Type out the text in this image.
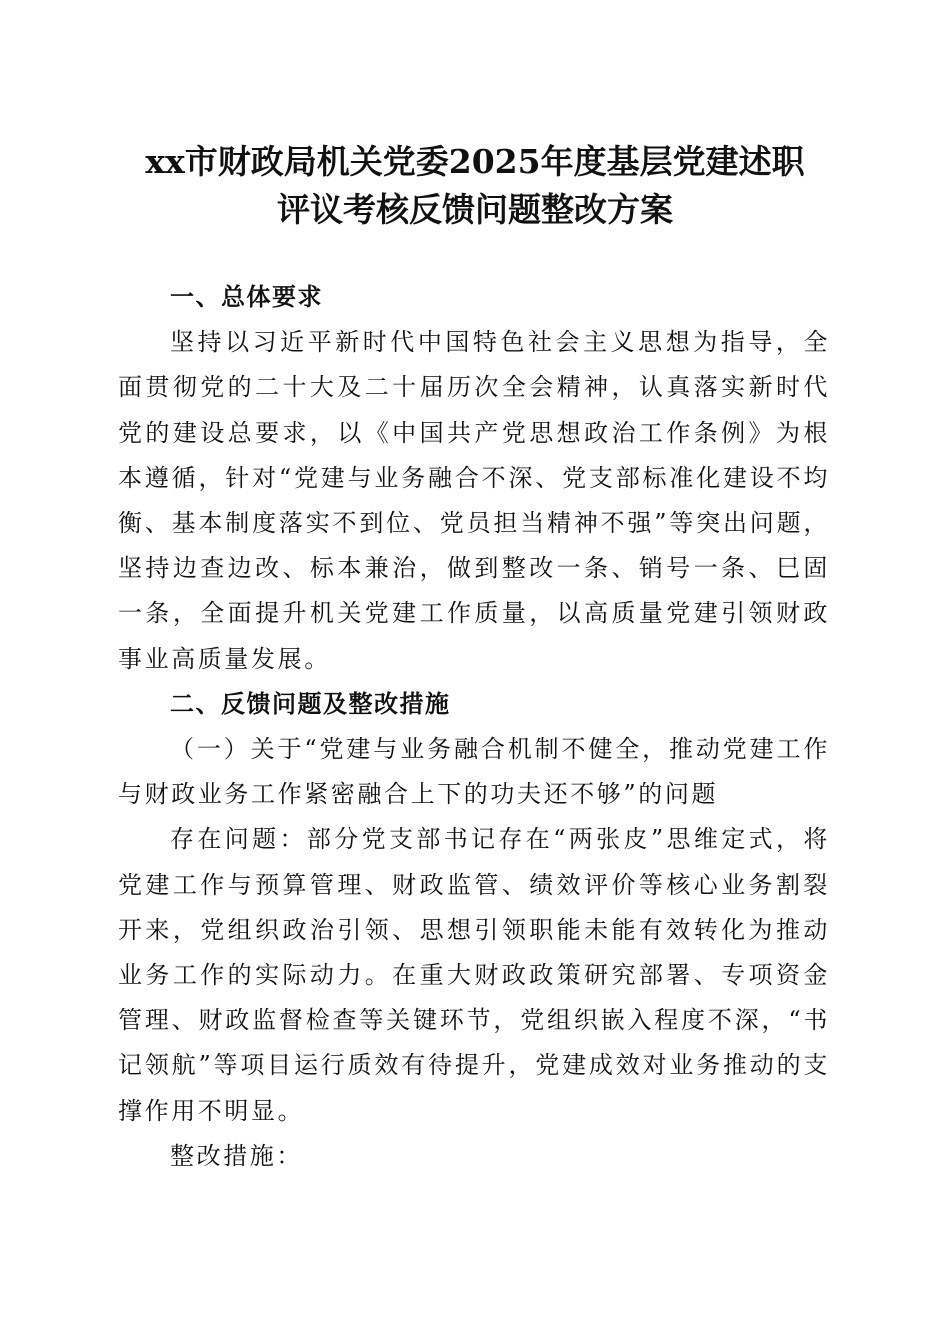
xx市财政局机关党委2025年度基层党建述职
评议考核反馈问题整改方案

一、总体要求

坚持以习近平新时代中国特色社会主义思想为指导，全面贯彻党的二十大及二十届历次全会精神，认真落实新时代党的建设总要求，以《中国共产党思想政治工作条例》为根本遵循，针对“党建与业务融合不深、党支部标准化建设不均衡、基本制度落实不到位、党员担当精神不强”等突出问题，坚持边查边改、标本兼治，做到整改一条、销号一条、巳固一条，全面提升机关党建工作质量，以高质量党建引领财政事业高质量发展。

二、反馈问题及整改措施

（一）关于“党建与业务融合机制不健全，推动党建工作与财政业务工作紧密融合上下的功夫还不够”的问题

存在问题：部分党支部书记存在“两张皮”思维定式，将党建工作与预算管理、财政监管、绩效评价等核心业务割裂开来，党组织政治引领、思想引领职能未能有效转化为推动业务工作的实际动力。在重大财政政策研究部署、专项资金管理、财政监督检查等关键环节，党组织嵌入程度不深，“书记领航”等项目运行质效有待提升，党建成效对业务推动的支撑作用不明显。

整改措施：
